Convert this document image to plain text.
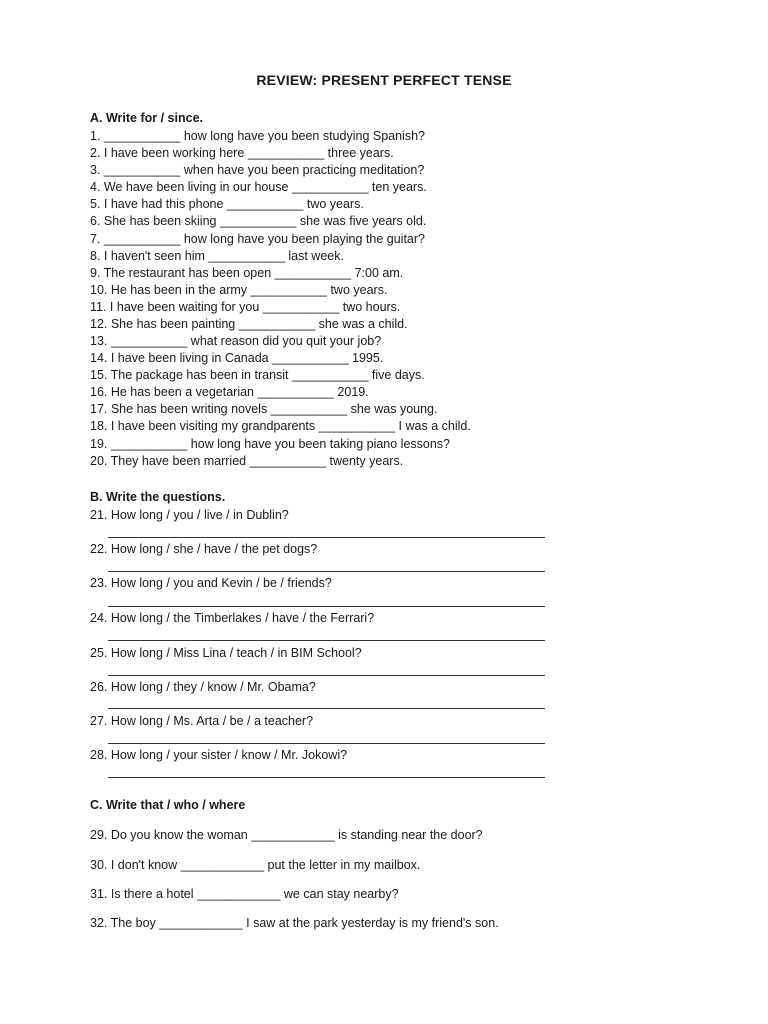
REVIEW: PRESENT PERFECT TENSE
A. Write for / since.
1. ___________ how long have you been studying Spanish?
2. I have been working here ___________ three years.
3. ___________ when have you been practicing meditation?
4. We have been living in our house ___________ ten years.
5. I have had this phone ___________ two years.
6. She has been skiing ___________ she was five years old.
7. ___________ how long have you been playing the guitar?
8. I haven't seen him ___________ last week.
9. The restaurant has been open ___________ 7:00 am.
10. He has been in the army ___________ two years.
11. I have been waiting for you ___________ two hours.
12. She has been painting ___________ she was a child.
13. ___________ what reason did you quit your job?
14. I have been living in Canada ___________ 1995.
15. The package has been in transit ___________ five days.
16. He has been a vegetarian ___________ 2019.
17. She has been writing novels ___________ she was young.
18. I have been visiting my grandparents ___________ I was a child.
19. ___________ how long have you been taking piano lessons?
20. They have been married ___________ twenty years.
B. Write the questions.
21. How long / you / live / in Dublin?
22. How long / she / have / the pet dogs?
23. How long / you and Kevin / be / friends?
24. How long / the Timberlakes / have / the Ferrari?
25. How long / Miss Lina / teach / in BIM School?
26. How long / they / know / Mr. Obama?
27. How long / Ms. Arta / be / a teacher?
28. How long / your sister / know / Mr. Jokowi?
C. Write that / who / where
29. Do you know the woman ____________ is standing near the door?
30. I don't know ____________ put the letter in my mailbox.
31. Is there a hotel ____________ we can stay nearby?
32. The boy ____________ I saw at the park yesterday is my friend's son.
